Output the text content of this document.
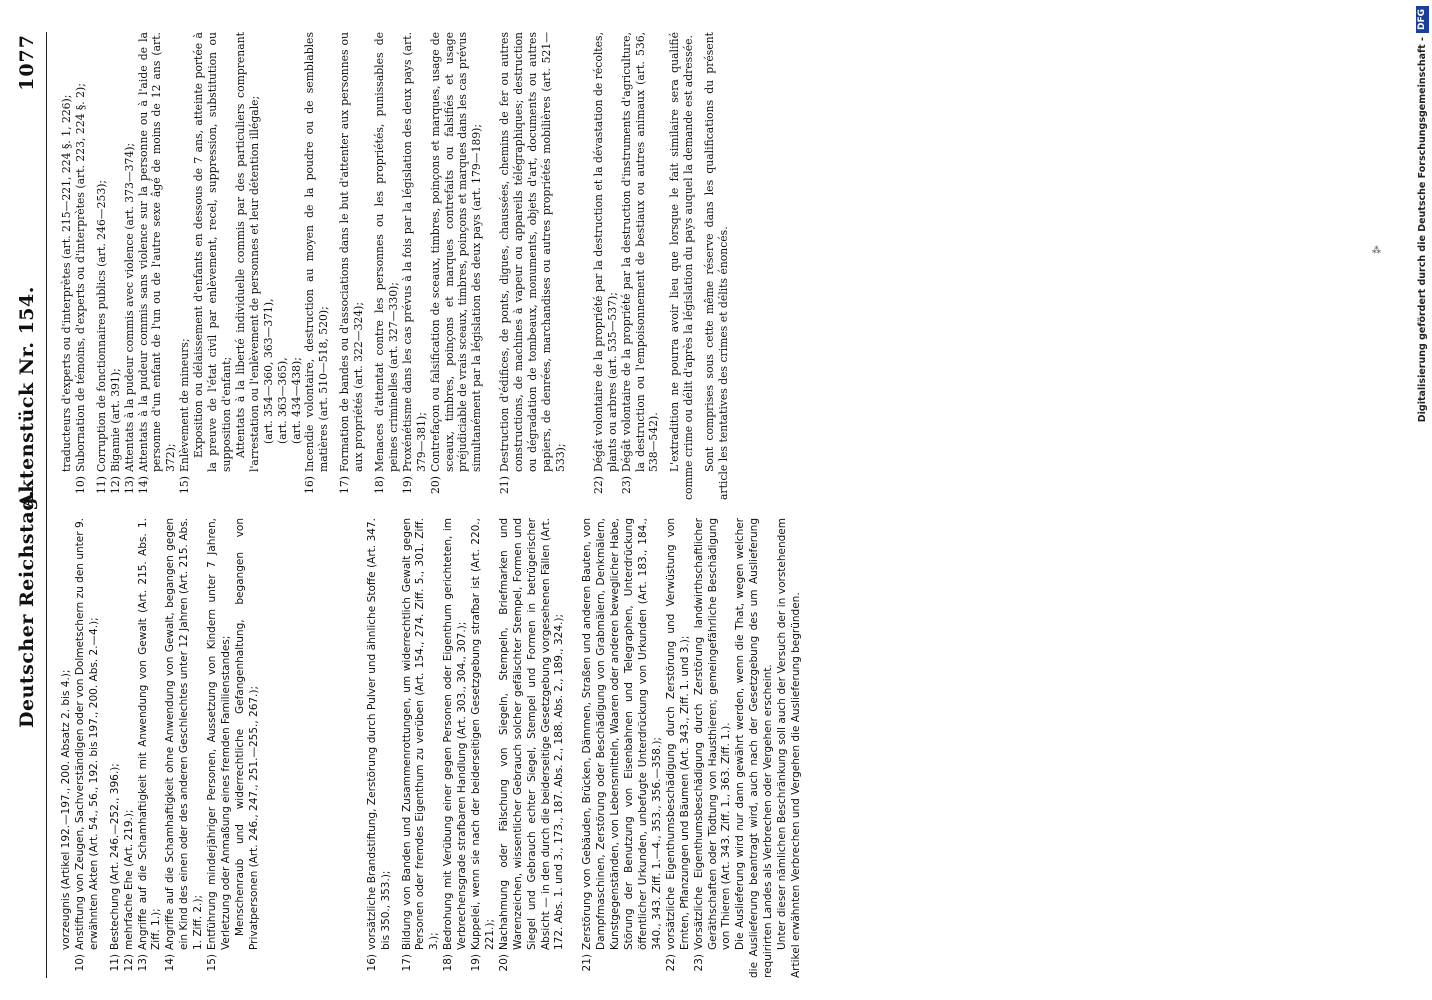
Deutscher Reichstag.
Aktenstück Nr. 154.
1077

vorzeugnis (Artikel 192.—197., 200. Absatz 2. bis 4.);

10)
Anstiftung von Zeugen, Sachverständigen oder von Dolmetschern zu den unter 9. erwähnten Akten (Art. 54., 56., 192. bis 197., 200. Abs. 2.—4.);
11)
Bestechung (Art. 246.—252., 396.);
12)
mehrfache Ehe (Art. 219.);
13)
Angriffe auf die Schamhaftigkeit mit Anwendung von Gewalt (Art. 215. Abs. 1. Ziff. 1.);
14)
Angriffe auf die Schamhaftigkeit ohne Anwendung von Gewalt, begangen gegen ein Kind des einen oder des anderen Geschlechtes unter 12 Jahren (Art. 215. Abs. 1. Ziff. 2.);
15)
Entführung minderjähriger Personen, Aussetzung von Kindern unter 7 Jahren, Verletzung oder Anmaßung eines fremden Familienstandes; Menschenraub und widerrechtliche Gefangenhaltung, begangen von Privatpersonen (Art. 246., 247., 251.—255., 267.);

16)
vorsätzliche Brandstiftung, Zerstörung durch Pulver und ähnliche Stoffe (Art. 347. bis 350., 353.);
17)
Bildung von Banden und Zusammenrottungen, um widerrechtlich Gewalt gegen Personen oder fremdes Eigenthum zu verüben (Art. 154., 274. Ziff. 5., 301. Ziff. 3.);
18)
Bedrohung mit Verübung einer gegen Personen oder Eigenthum gerichteten, im Verbrechensgrade strafbaren Handlung (Art. 303., 304., 307.);
19)
Kuppelei, wenn sie nach der beiderseitigen Gesetzgebung strafbar ist (Art. 220., 221.);
20)
Nachahmung oder Fälschung von Siegeln, Stempeln, Briefmarken und Warenzeichen, wissentlicher Gebrauch solcher gefälschter Stempel, Formen und Siegel und Gebrauch echter Siegel, Stempel und Formen in betrügerischer Absicht — in den durch die beiderseitige Gesetzgebung vorgesehenen Fällen (Art. 172. Abs. 1. und 3., 173., 187. Abs. 2., 188. Abs. 2., 189., 324.);
21)
Zerstörung von Gebäuden, Brücken, Dämmen, Straßen und anderen Bauten, von Dampfmaschinen, Zerstörung oder Beschädigung von Grabmälern, Denkmälern, Kunstgegenständen, von Lebensmitteln, Waaren oder anderen beweglicher Habe, Störung der Benutzung von Eisenbahnen und Telegraphen, Unterdrückung öffentlicher Urkunden, unbefugte Unterdrückung von Urkunden (Art. 183., 184., 340., 343. Ziff. 1.—4., 353., 356.—358.);
22)
vorsätzliche Eigenthumsbeschädigung durch Zerstörung und Verwüstung von Ernten, Pflanzungen und Bäumen (Art. 343., Ziff. 1. und 3.);
23)
Vorsätzliche Eigenthumsbeschädigung durch Zerstörung landwirthschaftlicher Geräthschaften oder Tödtung von Hausthieren; gemeingefährliche Beschädigung von Thieren (Art. 343. Ziff. 1., 363. Ziff. 1.). Die Auslieferung wird nur dann gewährt werden, wenn die That, wegen welcher die Auslieferung beantragt wird, auch nach der Gesetzgebung des um Auslieferung requirirten Landes als Verbrechen oder Vergehen erscheint. Unter dieser nämlichen Beschränkung soll auch der Versuch der in vorstehendem Artikel erwähnten Verbrechen und Vergehen die Auslieferung begründen.

traducteurs d'experts ou d'interprètes (art. 215—221, 224 §. 1, 226);

10)
Subornation de témoins, d'experts ou d'interprètes (art. 223, 224 §. 2);
11)
Corruption de fonctionnaires publics (art. 246—253);
12)
Bigamie (art. 391);
13)
Attentats à la pudeur commis avec violence (art. 373—374);
14)
Attentats à la pudeur commis sans violence sur la personne ou à l'aide de la personne d'un enfant de l'un ou de l'autre sexe âgé de moins de 12 ans (art. 372);
15)
Enlèvement de mineurs; Exposition ou délaissement d'enfants en dessous de 7 ans, atteinte portée à la preuve de l'état civil par enlèvement, recel, suppression, substitution ou supposition d'enfant; Attentats à la liberté individuelle commis par des particuliers comprenant l'arrestation ou l'enlèvement de personnes et leur détention illégale; (art. 354—360, 363—371), (art. 363—365), (art. 434—438);

16)
Incendie volontaire, destruction au moyen de la poudre ou de semblables matières (art. 510—518, 520);
17)
Formation de bandes ou d'associations dans le but d'attenter aux personnes ou aux propriétés (art. 322—324);
18)
Menaces d'attentat contre les personnes ou les propriétés, punissables de peines criminelles (art. 327—330);
19)
Proxénétisme dans les cas prévus à la fois par la législation des deux pays (art. 379—381);
20)
Contrefaçon ou falsification de sceaux, timbres, poinçons et marques, usage de sceaux, timbres, poinçons et marques contrefaits ou falsifiés et usage préjudiciable de vrais sceaux, timbres, poinçons et marques dans les cas prévus simultanément par la législation des deux pays (art. 179—189);
21)
Destruction d'édifices, de ponts, digues, chaussées, chemins de fer ou autres constructions, de machines à vapeur ou appareils télégraphiques; destruction ou dégradation de tombeaux, monuments, objets d'art, documents ou autres papiers, de denrées, marchandises ou autres propriétés mobilières (art. 521—533);
22)
Dégât volontaire de la propriété par la destruction et la dévastation de récoltes, plants ou arbres (art. 535—537);
23)
Dégât volontaire de la propriété par la destruction d'instruments d'agriculture, la destruction ou l'empoisonnement de bestiaux ou autres animaux (art. 536, 538—542). L'extradition ne pourra avoir lieu que lorsque le fait similaire sera qualifié comme crime ou délit d'après la législation du pays auquel la demande est adressée. Sont comprises sous cette même réserve dans les qualifications du présent article les tentatives des crimes et délits énoncés.	⁂	Digitalisierung gefördert durch die Deutsche Forschungsgemeinschaft -
DFG
